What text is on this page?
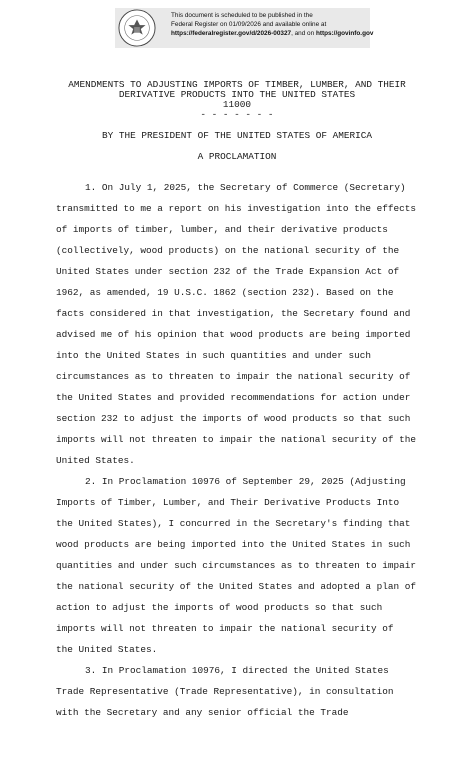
This document is scheduled to be published in the
Federal Register on 01/09/2026 and available online at
https://federalregister.gov/d/2026-00327, and on https://govinfo.gov
AMENDMENTS TO ADJUSTING IMPORTS OF TIMBER, LUMBER, AND THEIR
DERIVATIVE PRODUCTS INTO THE UNITED STATES
11000
- - - - - - -
BY THE PRESIDENT OF THE UNITED STATES OF AMERICA
A PROCLAMATION
1. On July 1, 2025, the Secretary of Commerce (Secretary)
transmitted to me a report on his investigation into the effects
of imports of timber, lumber, and their derivative products
(collectively, wood products) on the national security of the
United States under section 232 of the Trade Expansion Act of
1962, as amended, 19 U.S.C. 1862 (section 232). Based on the
facts considered in that investigation, the Secretary found and
advised me of his opinion that wood products are being imported
into the United States in such quantities and under such
circumstances as to threaten to impair the national security of
the United States and provided recommendations for action under
section 232 to adjust the imports of wood products so that such
imports will not threaten to impair the national security of the
United States.
2. In Proclamation 10976 of September 29, 2025 (Adjusting
Imports of Timber, Lumber, and Their Derivative Products Into
the United States), I concurred in the Secretary's finding that
wood products are being imported into the United States in such
quantities and under such circumstances as to threaten to impair
the national security of the United States and adopted a plan of
action to adjust the imports of wood products so that such
imports will not threaten to impair the national security of
the United States.
3. In Proclamation 10976, I directed the United States
Trade Representative (Trade Representative), in consultation
with the Secretary and any senior official the Trade
